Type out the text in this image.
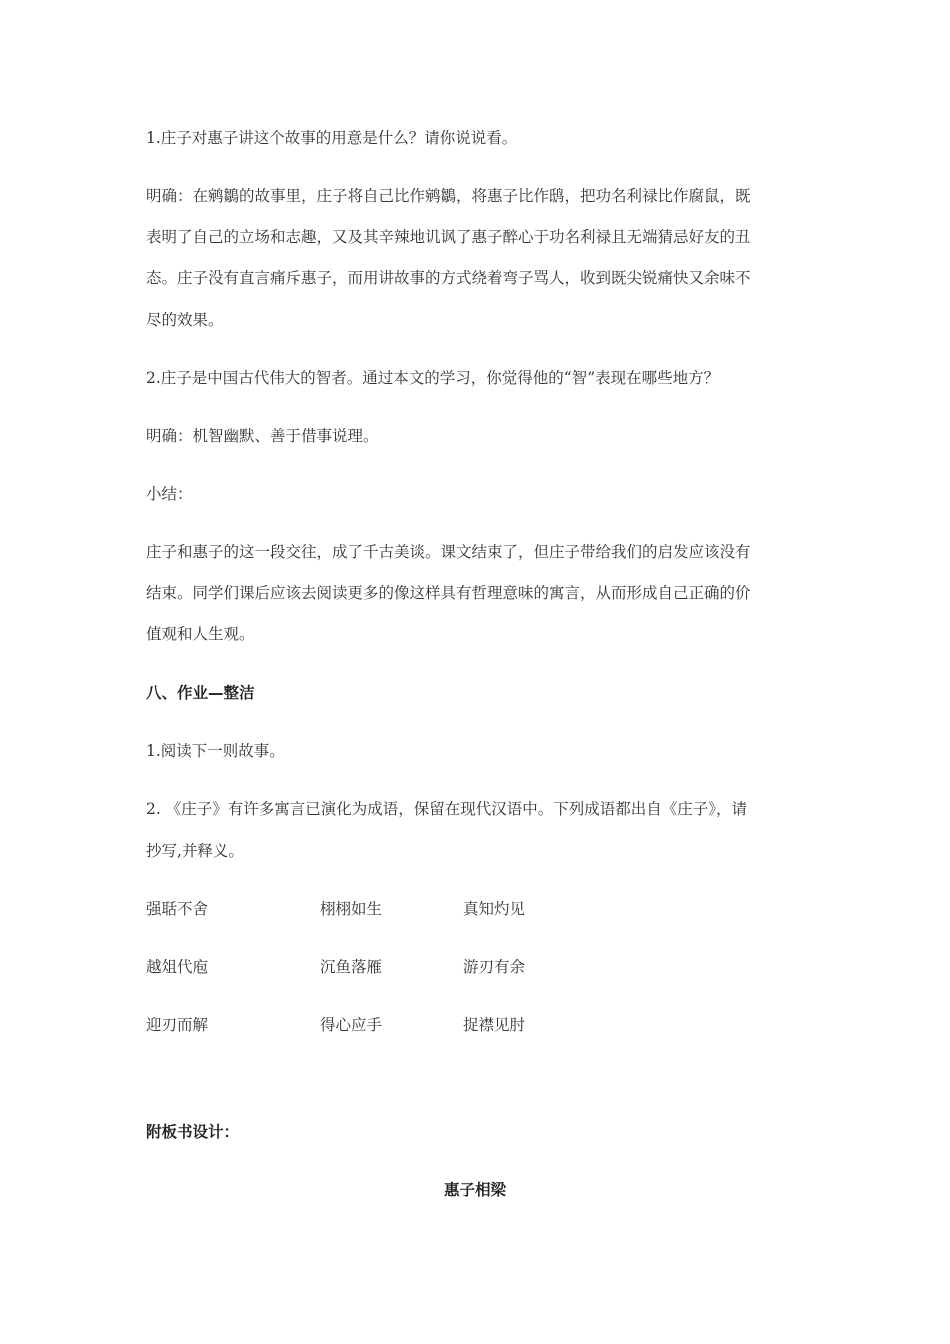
1.庄子对惠子讲这个故事的用意是什么？请你说说看。

明确：在鹓鶵的故事里，庄子将自己比作鹓鶵，将惠子比作鸱，把功名利禄比作腐鼠，既

表明了自己的立场和志趣，又及其辛辣地讥讽了惠子醉心于功名利禄且无端猜忌好友的丑

态。庄子没有直言痛斥惠子，而用讲故事的方式绕着弯子骂人，收到既尖锐痛快又余味不

尽的效果。

2.庄子是中国古代伟大的智者。通过本文的学习，你觉得他的“智”表现在哪些地方？

明确：机智幽默、善于借事说理。

小结：

庄子和惠子的这一段交往，成了千古美谈。课文结束了，但庄子带给我们的启发应该没有

结束。同学们课后应该去阅读更多的像这样具有哲理意味的寓言，从而形成自己正确的价

值观和人生观。

八、作业—整洁

1.阅读下一则故事。

2. 《庄子》有许多寓言已演化为成语，保留在现代汉语中。下列成语都出自《庄子》，请

抄写,并释义。

强聒不舍	栩栩如生	真知灼见
越俎代庖	沉鱼落雁	游刃有余
迎刃而解	得心应手	捉襟见肘

附板书设计：

惠子相梁
